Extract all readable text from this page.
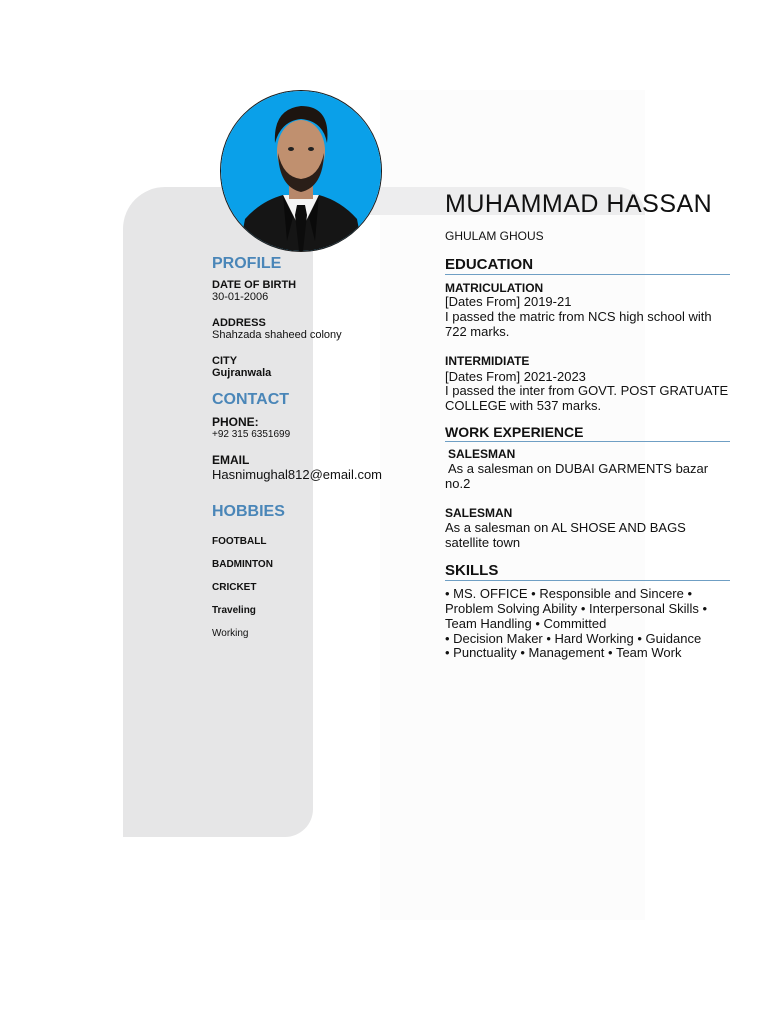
PROFILE
DATE OF BIRTH
30-01-2006
ADDRESS
Shahzada shaheed colony
CITY
Gujranwala
CONTACT
PHONE:
+92 315 6351699
EMAIL
Hasnimughal812@email.com
HOBBIES
FOOTBALL
BADMINTON
CRICKET
Traveling
Working
MUHAMMAD HASSAN
GHULAM GHOUS
EDUCATION
MATRICULATION
[Dates From] 2019-21
I passed the matric from NCS high school with
722 marks.
INTERMIDIATE
[Dates From] 2021-2023
I passed the inter from GOVT. POST GRATUATE
COLLEGE with 537 marks.
WORK EXPERIENCE
SALESMAN
As a salesman on DUBAI GARMENTS bazar
no.2
SALESMAN
As a salesman on AL SHOSE AND BAGS
satellite town
SKILLS
• MS. OFFICE • Responsible and Sincere •
Problem Solving Ability • Interpersonal Skills •
Team Handling • Committed
• Decision Maker • Hard Working • Guidance
• Punctuality • Management • Team Work
